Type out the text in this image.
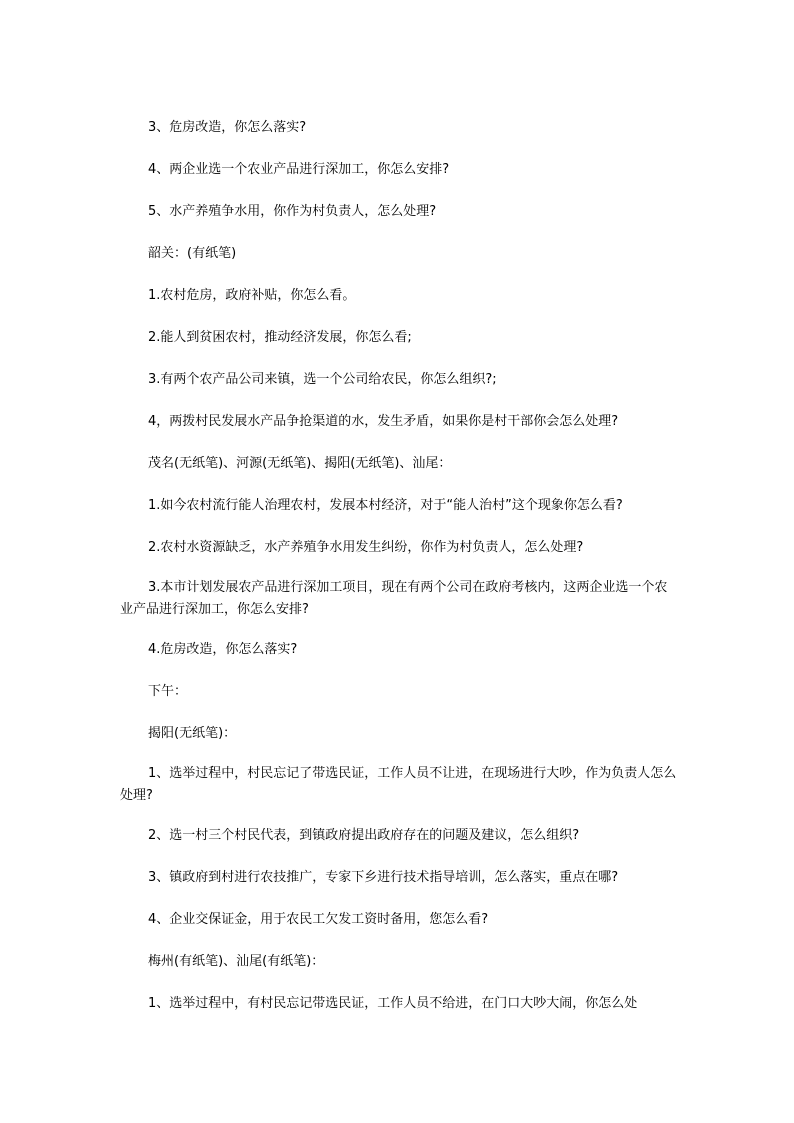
3、危房改造，你怎么落实?

4、两企业选一个农业产品进行深加工，你怎么安排?

5、水产养殖争水用，你作为村负责人，怎么处理?

韶关：(有纸笔)

1.农村危房，政府补贴，你怎么看。

2.能人到贫困农村，推动经济发展，你怎么看;

3.有两个农产品公司来镇，选一个公司给农民，你怎么组织?;

4，两拨村民发展水产品争抢渠道的水，发生矛盾，如果你是村干部你会怎么处理?

茂名(无纸笔)、河源(无纸笔)、揭阳(无纸笔)、汕尾：

1.如今农村流行能人治理农村，发展本村经济，对于“能人治村”这个现象你怎么看?

2.农村水资源缺乏，水产养殖争水用发生纠纷，你作为村负责人，怎么处理?

3.本市计划发展农产品进行深加工项目，现在有两个公司在政府考核内，这两企业选一个农业产品进行深加工，你怎么安排?

4.危房改造，你怎么落实?

下午：

揭阳(无纸笔)：

1、选举过程中，村民忘记了带选民证，工作人员不让进，在现场进行大吵，作为负责人怎么处理?

2、选一村三个村民代表，到镇政府提出政府存在的问题及建议，怎么组织?

3、镇政府到村进行农技推广，专家下乡进行技术指导培训，怎么落实，重点在哪?

4、企业交保证金，用于农民工欠发工资时备用，您怎么看?

梅州(有纸笔)、汕尾(有纸笔)：

1、选举过程中，有村民忘记带选民证，工作人员不给进，在门口大吵大闹，你怎么处
